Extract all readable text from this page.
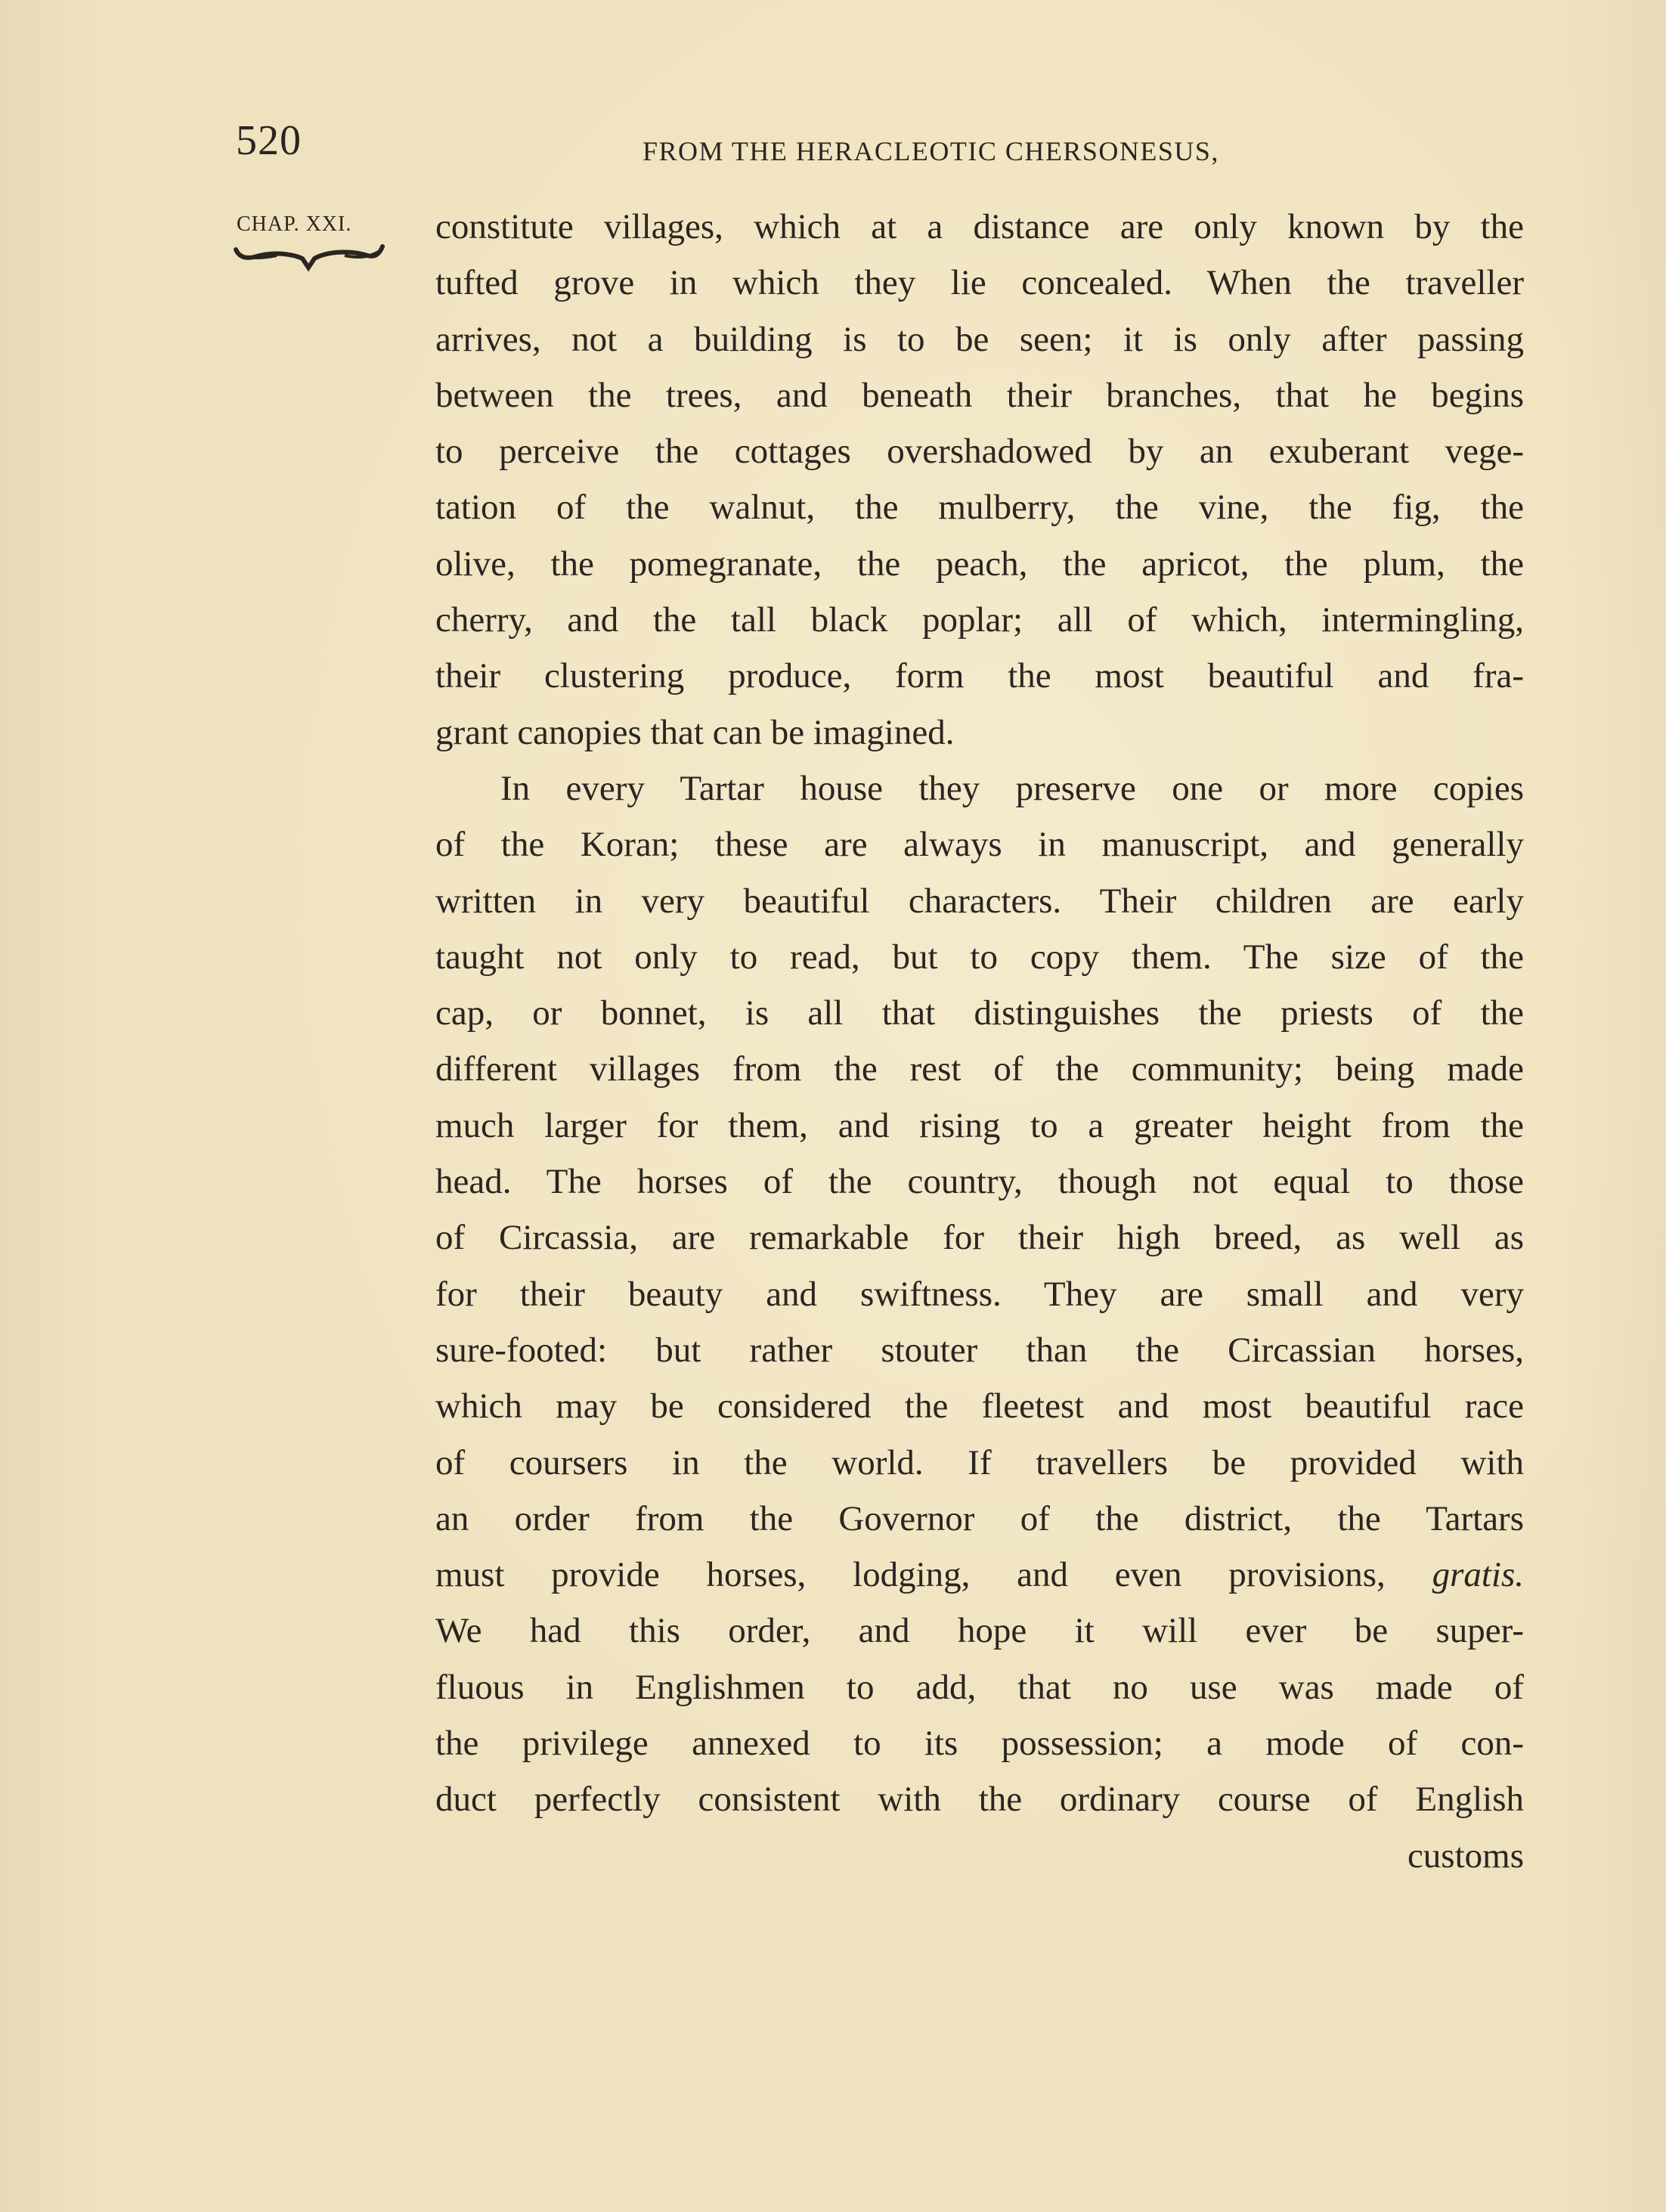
520	FROM THE HERACLEOTIC CHERSONESUS,
CHAP. XXI. constitute villages, which at a distance are only known by the
tufted grove in which they lie concealed. When the traveller
arrives, not a building is to be seen; it is only after passing
between the trees, and beneath their branches, that he begins
to perceive the cottages overshadowed by an exuberant vege-
tation of the walnut, the mulberry, the vine, the fig, the
olive, the pomegranate, the peach, the apricot, the plum, the
cherry, and the tall black poplar; all of which, intermingling,
their clustering produce, form the most beautiful and fra-
grant canopies that can be imagined.
In every Tartar house they preserve one or more copies
of the Koran; these are always in manuscript, and generally
written in very beautiful characters. Their children are early
taught not only to read, but to copy them. The size of the
cap, or bonnet, is all that distinguishes the priests of the
different villages from the rest of the community; being made
much larger for them, and rising to a greater height from the
head. The horses of the country, though not equal to those
of Circassia, are remarkable for their high breed, as well as
for their beauty and swiftness. They are small and very
sure-footed: but rather stouter than the Circassian horses,
which may be considered the fleetest and most beautiful race
of coursers in the world. If travellers be provided with
an order from the Governor of the district, the Tartars
must provide horses, lodging, and even provisions, gratis.
We had this order, and hope it will ever be super-
fluous in Englishmen to add, that no use was made of
the privilege annexed to its possession; a mode of con-
duct perfectly consistent with the ordinary course of English
customs
